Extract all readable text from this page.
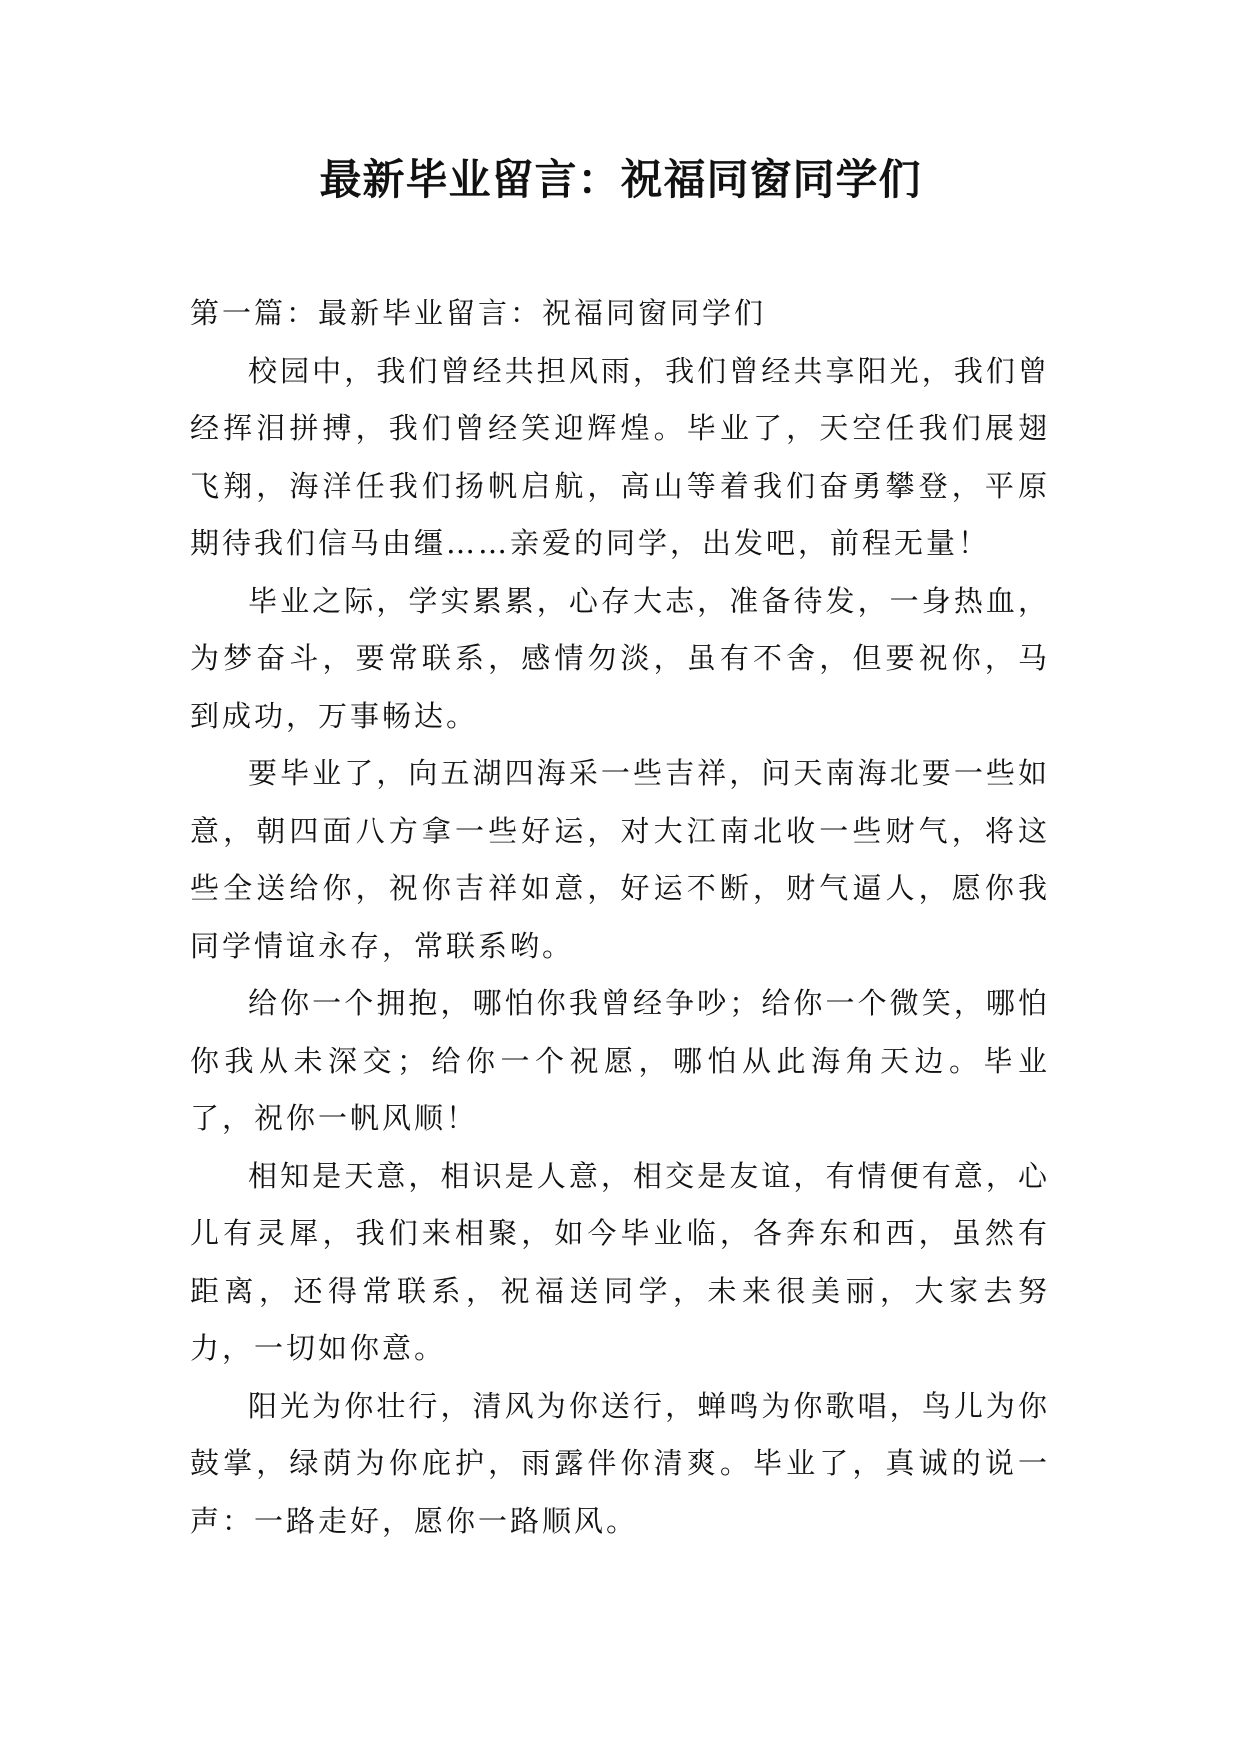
最新毕业留言：祝福同窗同学们

第一篇：最新毕业留言：祝福同窗同学们

校园中，我们曾经共担风雨，我们曾经共享阳光，我们曾经挥泪拼搏，我们曾经笑迎辉煌。毕业了，天空任我们展翅飞翔，海洋任我们扬帆启航，高山等着我们奋勇攀登，平原期待我们信马由缰……亲爱的同学，出发吧，前程无量！

毕业之际，学实累累，心存大志，准备待发，一身热血，为梦奋斗，要常联系，感情勿淡，虽有不舍，但要祝你，马到成功，万事畅达。

要毕业了，向五湖四海采一些吉祥，问天南海北要一些如意，朝四面八方拿一些好运，对大江南北收一些财气，将这些全送给你，祝你吉祥如意，好运不断，财气逼人，愿你我同学情谊永存，常联系哟。

给你一个拥抱，哪怕你我曾经争吵；给你一个微笑，哪怕你我从未深交；给你一个祝愿，哪怕从此海角天边。毕业了，祝你一帆风顺！

相知是天意，相识是人意，相交是友谊，有情便有意，心儿有灵犀，我们来相聚，如今毕业临，各奔东和西，虽然有距离，还得常联系，祝福送同学，未来很美丽，大家去努力，一切如你意。

阳光为你壮行，清风为你送行，蝉鸣为你歌唱，鸟儿为你鼓掌，绿荫为你庇护，雨露伴你清爽。毕业了，真诚的说一声：一路走好，愿你一路顺风。
